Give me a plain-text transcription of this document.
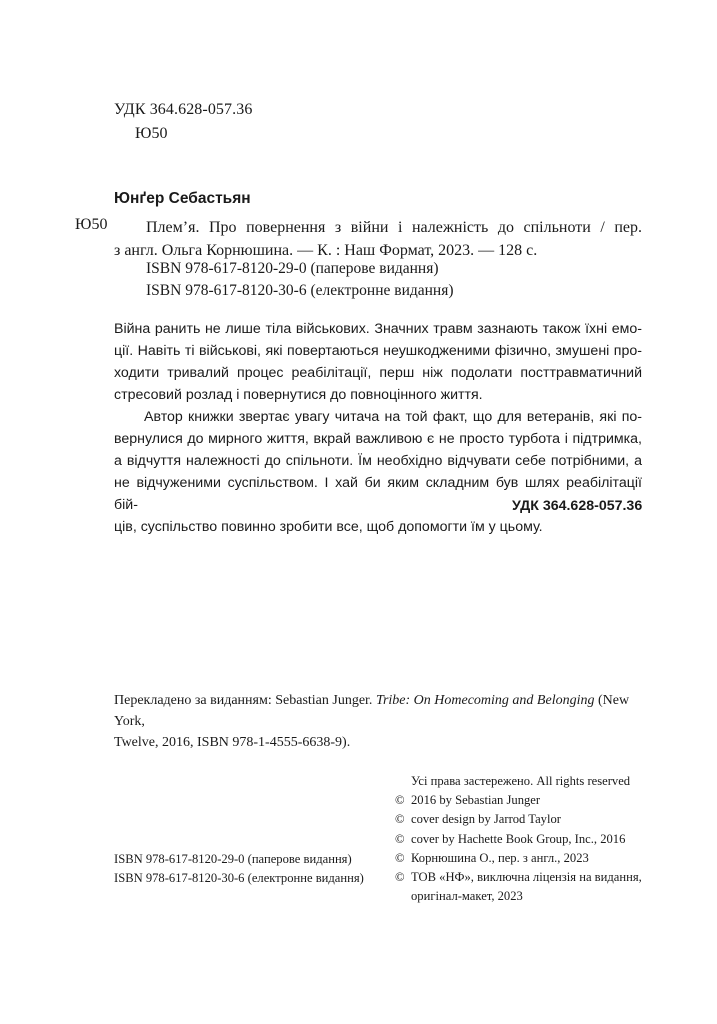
УДК 364.628-057.36
Ю50
Юнґер Себастьян
Ю50	Плем’я. Про повернення з війни і належність до спільноти / пер.
з англ. Ольга Корнюшина. — К. : Наш Формат, 2023. — 128 с.
ISBN 978-617-8120-29-0 (паперове видання)
ISBN 978-617-8120-30-6 (електронне видання)
Війна ранить не лише тіла військових. Значних травм зазнають також їхні емо-
ції. Навіть ті військові, які повертаються неушкодженими фізично, змушені про-
ходити тривалий процес реабілітації, перш ніж подолати посттравматичний
стресовий розлад і повернутися до повноцінного життя.
Автор книжки звертає увагу читача на той факт, що для ветеранів, які по-
вернулися до мирного життя, вкрай важливою є не просто турбота і підтримка,
а відчуття належності до спільноти. Їм необхідно відчувати себе потрібними, а
не відчуженими суспільством. І хай би яким складним був шлях реабілітації бій-
ців, суспільство повинно зробити все, щоб допомогти їм у цьому.
УДК 364.628-057.36
Перекладено за виданням: Sebastian Junger. Tribe: On Homecoming and Belonging (New York,
Twelve, 2016, ISBN 978-1-4555-6638-9).
Усі права застережено. All rights reserved
© 2016 by Sebastian Junger
© cover design by Jarrod Taylor
© cover by Hachette Book Group, Inc., 2016
© Корнюшина О., пер. з англ., 2023
© ТОВ «НФ», виключна ліцензія на видання,
оригінал-макет, 2023
ISBN 978-617-8120-29-0 (паперове видання)
ISBN 978-617-8120-30-6 (електронне видання)
